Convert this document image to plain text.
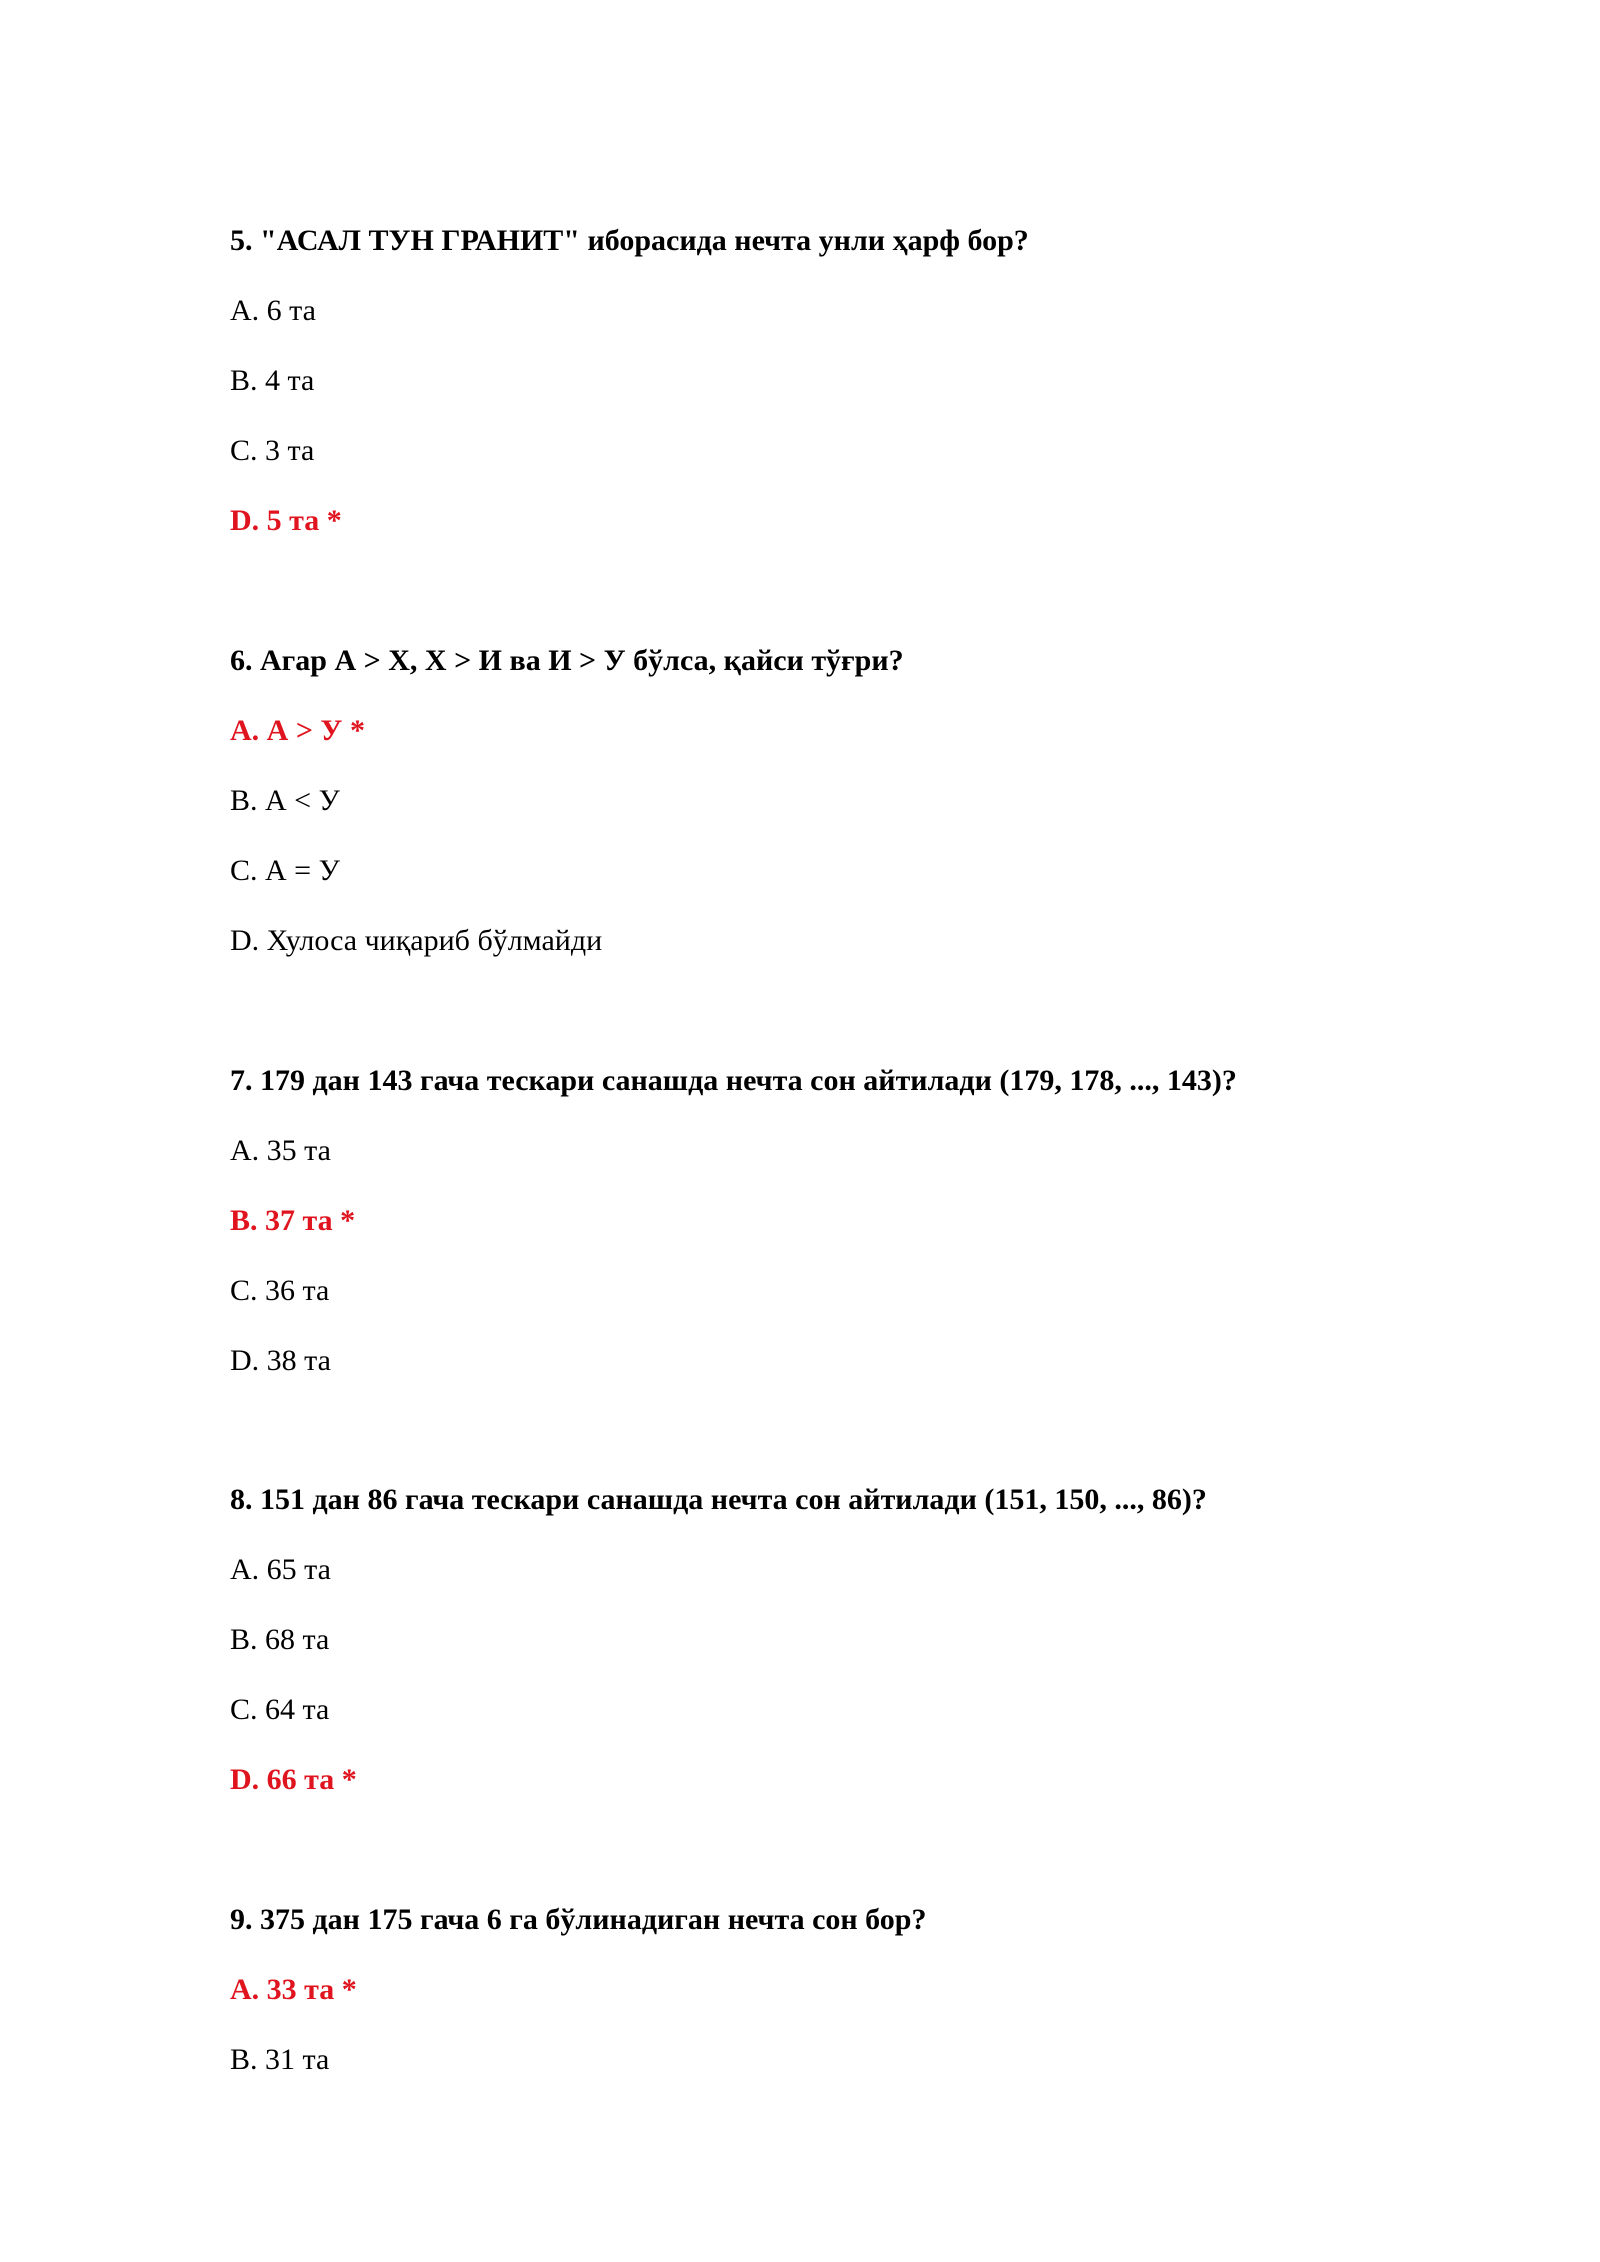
5. "АСАЛ ТУН ГРАНИТ" иборасида нечта унли ҳарф бор?
A. 6 та
B. 4 та
C. 3 та
D. 5 та *
6. Агар А > Х, Х > И ва И > У бўлса, қайси тўғри?
A. А > У *
B. А < У
C. А = У
D. Хулоса чиқариб бўлмайди
7. 179 дан 143 гача тескари санашда нечта сон айтилади (179, 178, ..., 143)?
A. 35 та
B. 37 та *
C. 36 та
D. 38 та
8. 151 дан 86 гача тескари санашда нечта сон айтилади (151, 150, ..., 86)?
A. 65 та
B. 68 та
C. 64 та
D. 66 та *
9. 375 дан 175 гача 6 га бўлинадиган нечта сон бор?
A. 33 та *
B. 31 та
